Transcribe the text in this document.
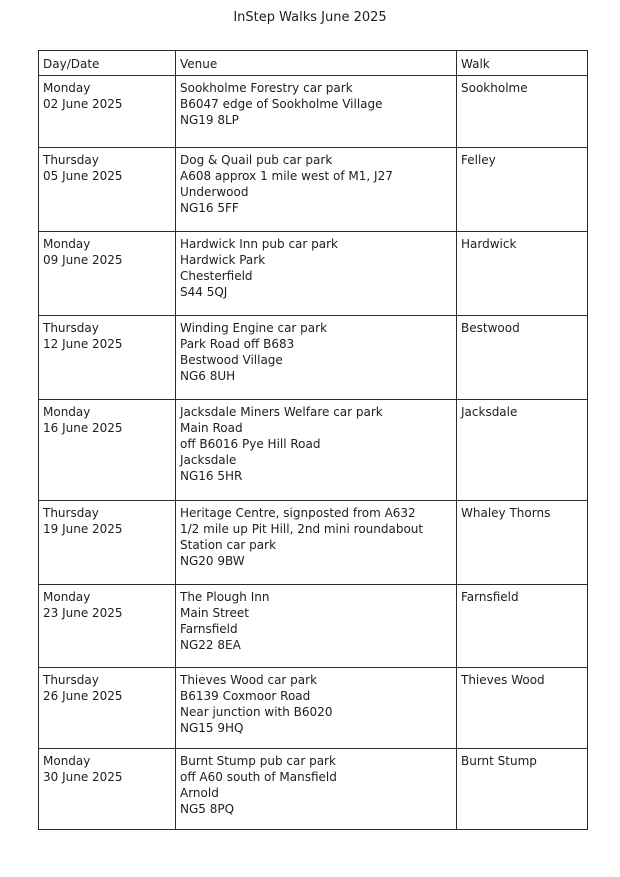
InStep Walks June 2025
Day/Date	Venue	Walk

Monday
02 June 2025	Sookholme Forestry car park
B6047 edge of Sookholme Village
NG19 8LP	Sookholme

Thursday
05 June 2025	Dog & Quail pub car park
A608 approx 1 mile west of M1, J27
Underwood
NG16 5FF	Felley

Monday
09 June 2025	Hardwick Inn pub car park
Hardwick Park
Chesterfield
S44 5QJ	Hardwick

Thursday
12 June 2025	Winding Engine car park
Park Road off B683
Bestwood Village
NG6 8UH	Bestwood

Monday
16 June 2025	Jacksdale Miners Welfare car park
Main Road
off B6016 Pye Hill Road
Jacksdale
NG16 5HR	Jacksdale

Thursday
19 June 2025	Heritage Centre, signposted from A632
1/2 mile up Pit Hill, 2nd mini roundabout
Station car park
NG20 9BW	Whaley Thorns

Monday
23 June 2025	The Plough Inn
Main Street
Farnsfield
NG22 8EA	Farnsfield

Thursday
26 June 2025	Thieves Wood car park
B6139 Coxmoor Road
Near junction with B6020
NG15 9HQ	Thieves Wood

Monday
30 June 2025	Burnt Stump pub car park
off A60 south of Mansfield
Arnold
NG5 8PQ	Burnt Stump
